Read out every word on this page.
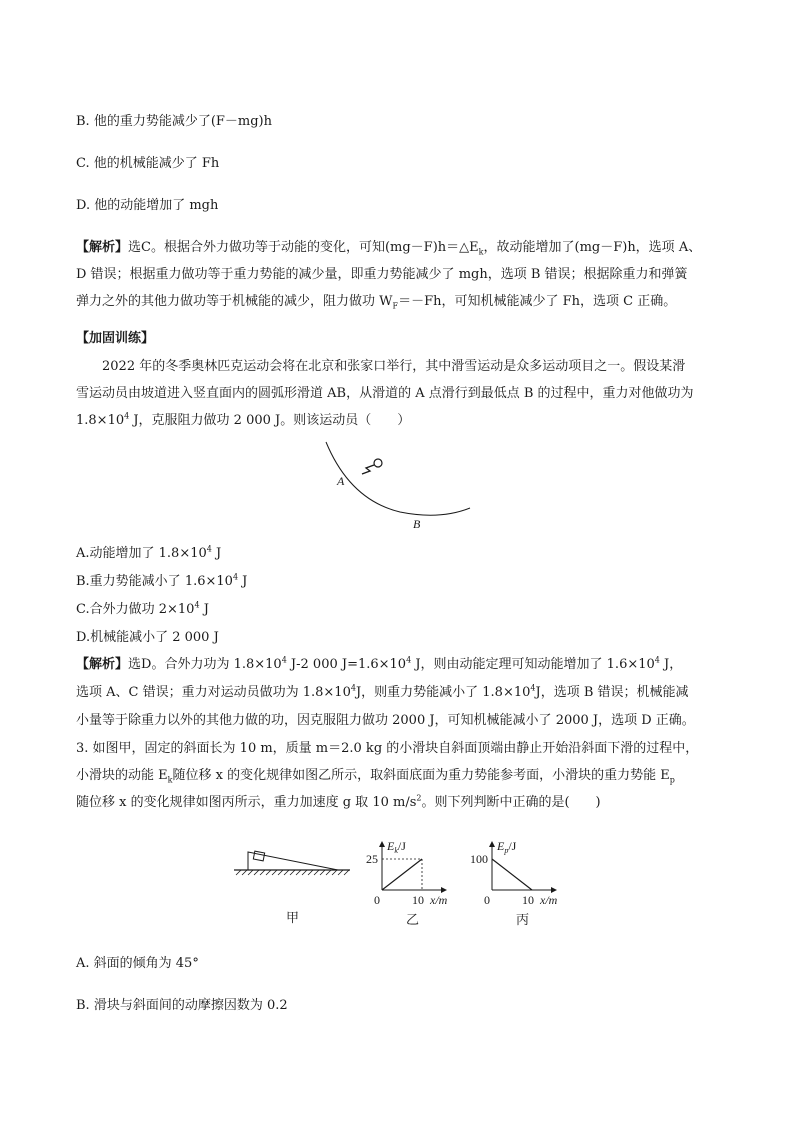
B. 他的重力势能减少了(F－mg)h
C. 他的机械能减少了 Fh
D. 他的动能增加了 mgh
【解析】选C。根据合外力做功等于动能的变化，可知$(mg-F)h=\triangle E_k$，故动能增加了(mg－F)h，选项 A、
D 错误；根据重力做功等于重力势能的减少量，即重力势能减少了 mgh，选项 B 错误；根据除重力和弹簧
弹力之外的其他力做功等于机械能的减少，阻力做功 $W_F=-Fh$，可知机械能减少了 Fh，选项 C 正确。
【加固训练】
2022 年的冬季奥林匹克运动会将在北京和张家口举行，其中滑雪运动是众多运动项目之一。假设某滑
雪运动员由坡道进入竖直面内的圆弧形滑道 AB，从滑道的 A 点滑行到最低点 B 的过程中，重力对他做功为
$1.8\times 10^4$ J，克服阻力做功 2 000 J。则该运动员（　　）
A
B
A.动能增加了 $1.8\times 10^4$ J
B.重力势能减小了 $1.6\times 10^4$ J
C.合外力做功 $2\times 10^4$ J
D.机械能减小了 2 000 J
【解析】选D。合外力功为 $1.8\times 10^4$ J-2 000 $J=1.6\times 10^4$ J，则由动能定理可知动能增加了 $1.6\times 10^4$ J，
选项 A、C 错误；重力对运动员做功为 $1.8\times 10^4J$，则重力势能减小了 $1.8\times 10^4J$，选项 B 错误；机械能减
小量等于除重力以外的其他力做的功，因克服阻力做功 2000 J，可知机械能减小了 2000 J，选项 D 正确。
3. 如图甲，固定的斜面长为 10 m，质量 m＝2.0 kg 的小滑块自斜面顶端由静止开始沿斜面下滑的过程中，
小滑块的动能 $E_k$随位移 x 的变化规律如图乙所示，取斜面底面为重力势能参考面，小滑块的重力势能 $E_p$
随位移 x 的变化规律如图丙所示，重力加速度 g 取 10 $m/s^2$。则下列判断中正确的是(　　)
甲
$E_k/J$
25
0	10 x/m
乙
$E_p/J$
100
0	10 x/m
丙
A. 斜面的倾角为 45°
B. 滑块与斜面间的动摩擦因数为 0.2
